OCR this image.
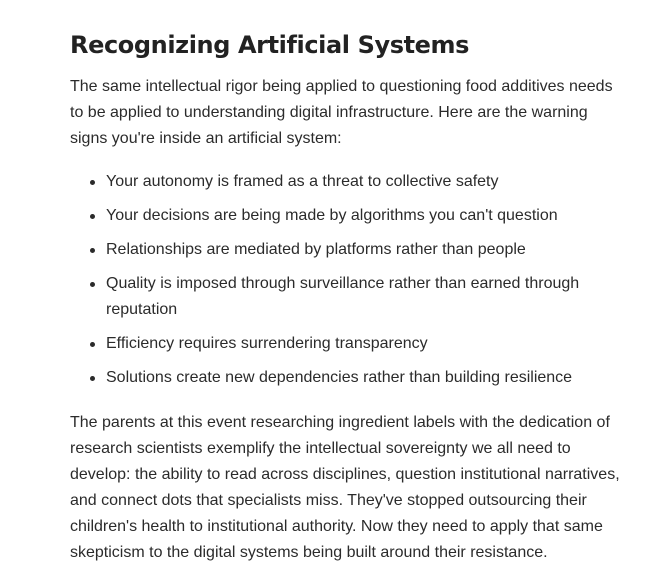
Recognizing Artificial Systems

The same intellectual rigor being applied to questioning food additives needs to be applied to understanding digital infrastructure. Here are the warning signs you're inside an artificial system:

Your autonomy is framed as a threat to collective safety
Your decisions are being made by algorithms you can't question
Relationships are mediated by platforms rather than people
Quality is imposed through surveillance rather than earned through reputation
Efficiency requires surrendering transparency
Solutions create new dependencies rather than building resilience

The parents at this event researching ingredient labels with the dedication of research scientists exemplify the intellectual sovereignty we all need to develop: the ability to read across disciplines, question institutional narratives, and connect dots that specialists miss. They've stopped outsourcing their children's health to institutional authority. Now they need to apply that same skepticism to the digital systems being built around their resistance.
